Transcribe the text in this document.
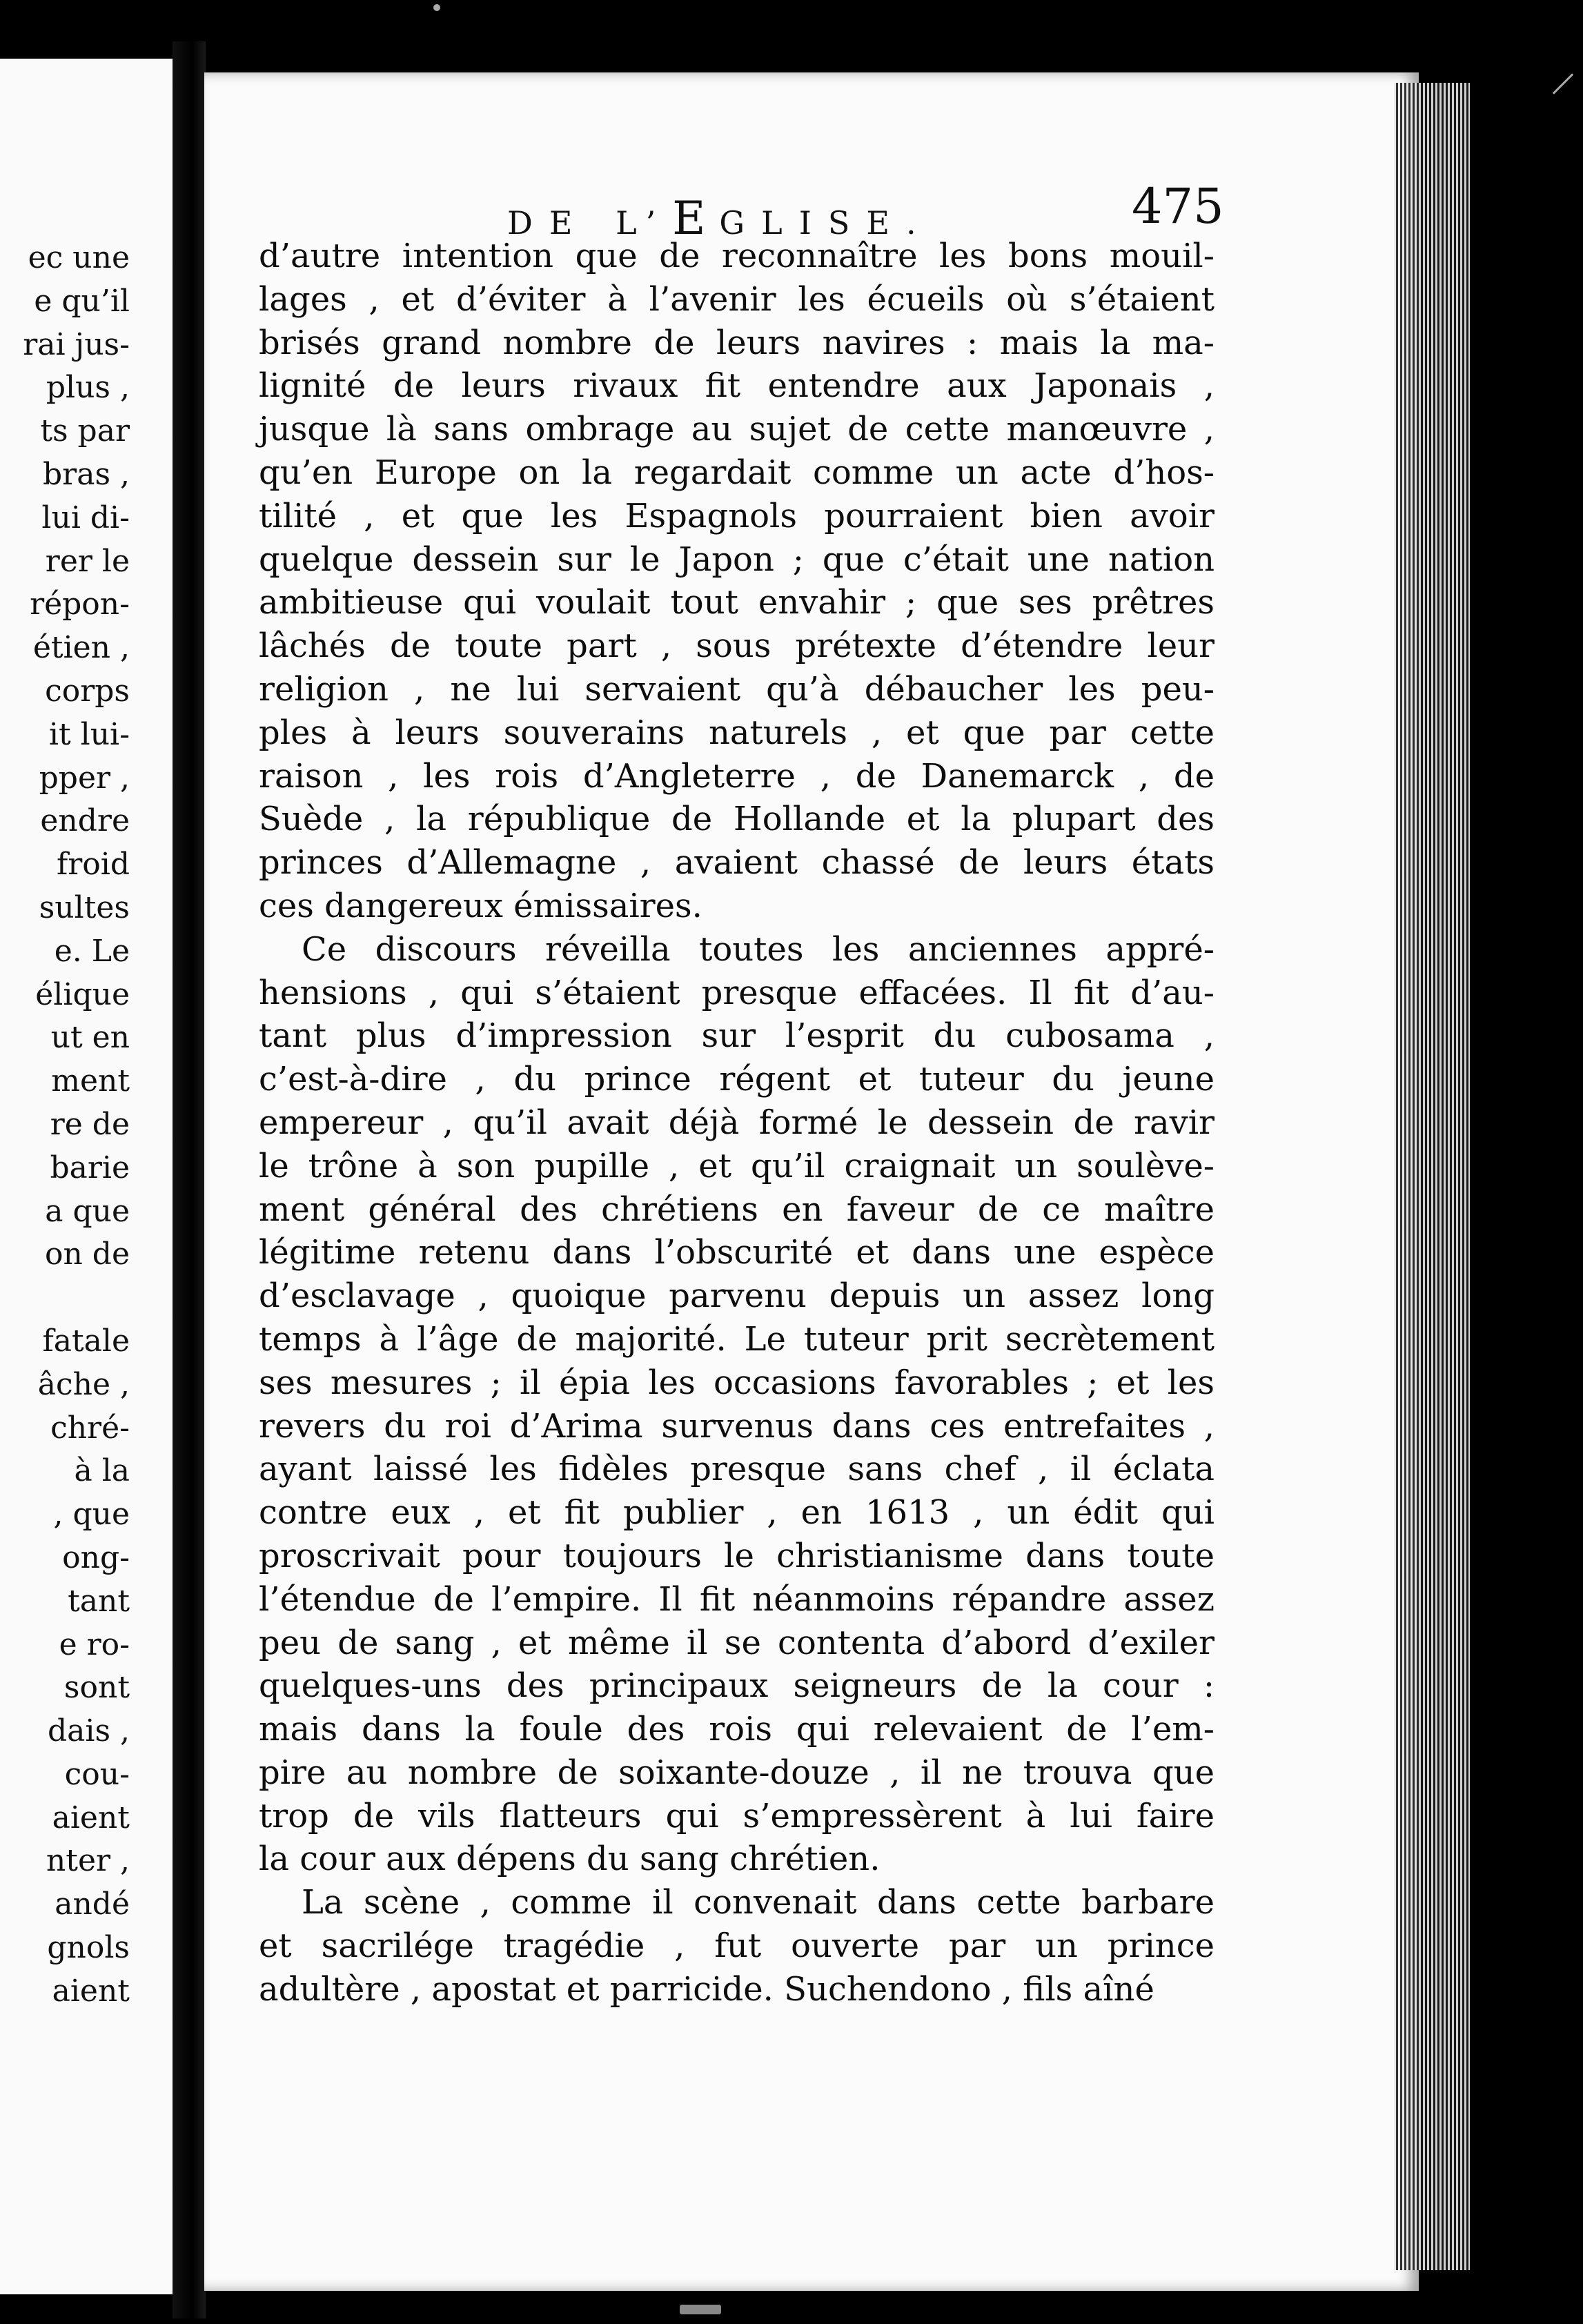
ec une
e qu’il
rai jus-
plus ,
ts par
bras ,
lui di-
rer le
répon-
étien ,
corps
it lui-
pper ,
endre
froid
sultes
e. Le
élique
ut en
ment
re de
barie
a que
on de
fatale
âche ,
chré-
à la
, que
ong-
tant
e ro-
sont
dais ,
cou-
aient
nter ,
andé
gnols
aient
DE L’EGLISE.	475
d’autre intention que de reconnaître les bons mouil-
lages , et d’éviter à l’avenir les écueils où s’étaient
brisés grand nombre de leurs navires : mais la ma-
lignité de leurs rivaux fit entendre aux Japonais ,
jusque là sans ombrage au sujet de cette manœuvre ,
qu’en Europe on la regardait comme un acte d’hos-
tilité , et que les Espagnols pourraient bien avoir
quelque dessein sur le Japon ; que c’était une nation
ambitieuse qui voulait tout envahir ; que ses prêtres
lâchés de toute part , sous prétexte d’étendre leur
religion , ne lui servaient qu’à débaucher les peu-
ples à leurs souverains naturels , et que par cette
raison , les rois d’Angleterre , de Danemarck , de
Suède , la république de Hollande et la plupart des
princes d’Allemagne , avaient chassé de leurs états
ces dangereux émissaires.
Ce discours réveilla toutes les anciennes appré-
hensions , qui s’étaient presque effacées. Il fit d’au-
tant plus d’impression sur l’esprit du cubosama ,
c’est-à-dire , du prince régent et tuteur du jeune
empereur , qu’il avait déjà formé le dessein de ravir
le trône à son pupille , et qu’il craignait un soulève-
ment général des chrétiens en faveur de ce maître
légitime retenu dans l’obscurité et dans une espèce
d’esclavage , quoique parvenu depuis un assez long
temps à l’âge de majorité. Le tuteur prit secrètement
ses mesures ; il épia les occasions favorables ; et les
revers du roi d’Arima survenus dans ces entrefaites ,
ayant laissé les fidèles presque sans chef , il éclata
contre eux , et fit publier , en 1613 , un édit qui
proscrivait pour toujours le christianisme dans toute
l’étendue de l’empire. Il fit néanmoins répandre assez
peu de sang , et même il se contenta d’abord d’exiler
quelques-uns des principaux seigneurs de la cour :
mais dans la foule des rois qui relevaient de l’em-
pire au nombre de soixante-douze , il ne trouva que
trop de vils flatteurs qui s’empressèrent à lui faire
la cour aux dépens du sang chrétien.
La scène , comme il convenait dans cette barbare
et sacrilége tragédie , fut ouverte par un prince
adultère , apostat et parricide. Suchendono , fils aîné
